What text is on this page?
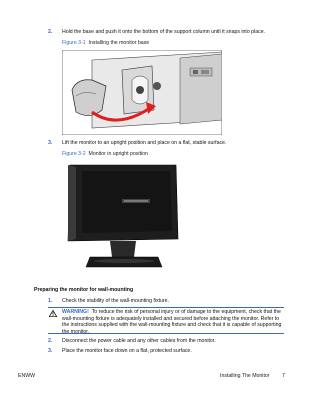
2. Hold the base and push it onto the bottom of the support column until it snaps into place.
Figure 3-1 Installing the monitor base
3. Lift the monitor to an upright position and place on a flat, stable surface.
Figure 3-2 Monitor in upright position
Preparing the monitor for wall-mounting
1. Check the stability of the wall-mounting fixture.
WARNING! To reduce the risk of personal injury or of damage to the equipment, check that the wall-mounting fixture is adequately installed and secured before attaching the monitor. Refer to the instructions supplied with the wall-mounting fixture and check that it is capable of supporting the monitor.
2. Disconnect the power cable and any other cables from the monitor.
3. Place the monitor face down on a flat, protected surface.
ENWW	Installing The Monitor 7
